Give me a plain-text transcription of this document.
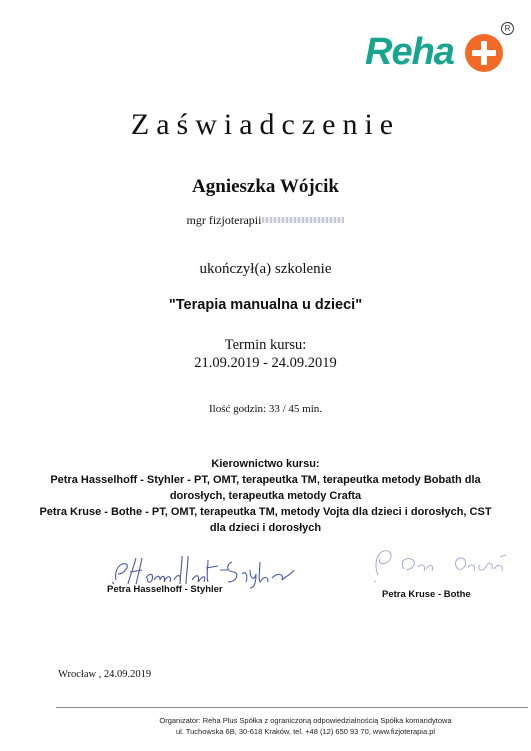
Reha
R
Zaświadczenie
Agnieszka Wójcik
mgr fizjoterapii
ukończył(a) szkolenie
"Terapia manualna u dzieci"
Termin kursu:
21.09.2019 - 24.09.2019
Ilość godzin: 33 / 45 min.
Kierownictwo kursu:
Petra Hasselhoff - Styhler - PT, OMT, terapeutka TM, terapeutka metody Bobath dla
dorosłych, terapeutka metody Crafta
Petra Kruse - Bothe - PT, OMT, terapeutka TM, metody Vojta dla dzieci i dorosłych, CST
dla dzieci i dorosłych
Petra Hasselhoff - Styhler	Petra Kruse - Bothe
Wrocław , 24.09.2019
Organizator: Reha Plus Spółka z ograniczoną odpowiedzialnością Spółka komandytowa
ul. Tuchowska 6B, 30-618 Kraków, tel. +48 (12) 650 93 70, www.fizjoterapia.pl
